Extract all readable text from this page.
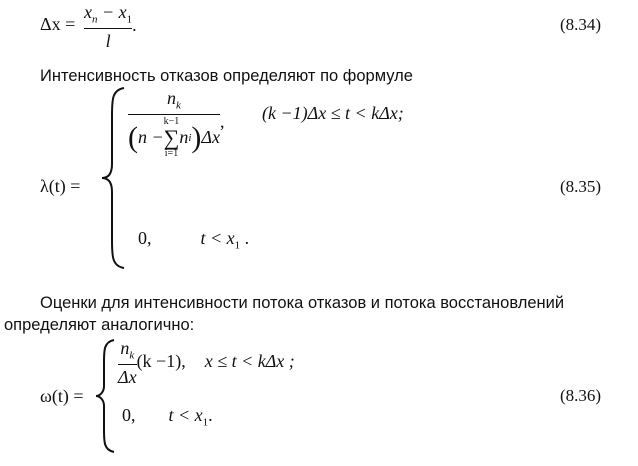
$\Delta x = \frac{x_n - x_1}{l}$ .	(8.34)
Интенсивность отказов определяют по формуле
λ(t) =
$n_k$
( n −
k−1
∑
i=1
n i ) Δx
, (k −1)Δx ≤ t < kΔx;
0,	$t < x_1$ .
(8.35)
Оценки для интенсивности потока отказов и потока восстановлений
определяют аналогично:
ω(t) =
$\frac{n_k}{\Delta x} (k -1)$, x ≤ t < kΔx ;
0, $t < x_1$.
(8.36)
